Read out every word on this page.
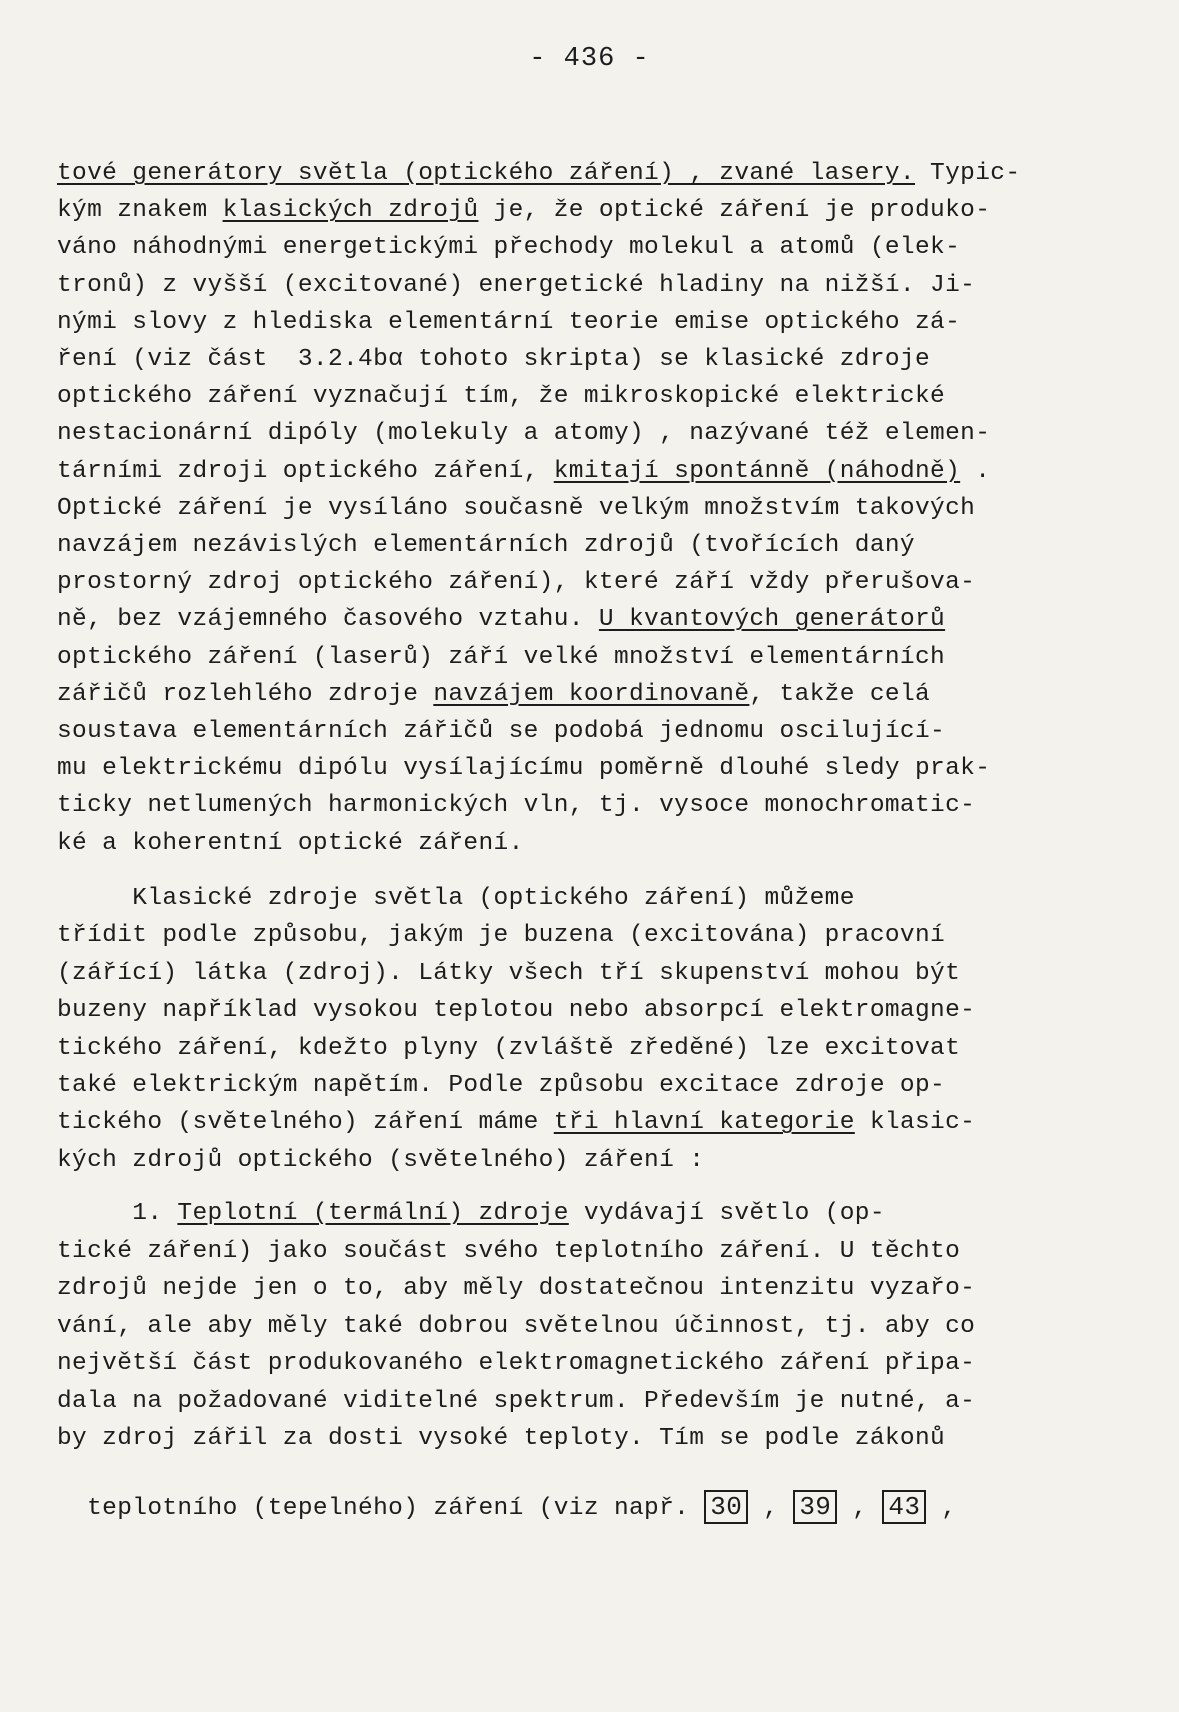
- 436 -
tové generátory světla (optického záření) , zvané lasery. Typic-
kým znakem klasických zdrojů je, že optické záření je produko-
váno náhodnými energetickými přechody molekul a atomů (elek-
tronů) z vyšší (excitované) energetické hladiny na nižší. Ji-
nými slovy z hlediska elementární teorie emise optického zá-
ření (viz část  3.2.4bα tohoto skripta) se klasické zdroje
optického záření vyznačují tím, že mikroskopické elektrické
nestacionární dipóly (molekuly a atomy) , nazývané též elemen-
tárními zdroji optického záření, kmitají spontánně (náhodně) .
Optické záření je vysíláno současně velkým množstvím takových
navzájem nezávislých elementárních zdrojů (tvořících daný
prostorný zdroj optického záření), které září vždy přerušova-
ně, bez vzájemného časového vztahu. U kvantových generátorů
optického záření (laserů) září velké množství elementárních
zářičů rozlehlého zdroje navzájem koordinovaně, takže celá
soustava elementárních zářičů se podobá jednomu oscilující-
mu elektrickému dipólu vysílajícímu poměrně dlouhé sledy prak-
ticky netlumených harmonických vln, tj. vysoce monochromatic-
ké a koherentní optické záření.
Klasické zdroje světla (optického záření) můžeme
třídit podle způsobu, jakým je buzena (excitována) pracovní
(zářící) látka (zdroj). Látky všech tří skupenství mohou být
buzeny například vysokou teplotou nebo absorpcí elektromagne-
tického záření, kdežto plyny (zvláště zředěné) lze excitovat
také elektrickým napětím. Podle způsobu excitace zdroje op-
tického (světelného) záření máme tři hlavní kategorie klasic-
kých zdrojů optického (světelného) záření :
1. Teplotní (termální) zdroje vydávají světlo (op-
tické záření) jako součást svého teplotního záření. U těchto
zdrojů nejde jen o to, aby měly dostatečnou intenzitu vyzařo-
vání, ale aby měly také dobrou světelnou účinnost, tj. aby co
největší část produkovaného elektromagnetického záření připa-
dala na požadované viditelné spektrum. Především je nutné, a-
by zdroj zářil za dosti vysoké teploty. Tím se podle zákonů

teplotního (tepelného) záření (viz např. 30 , 39 , 43 ,
